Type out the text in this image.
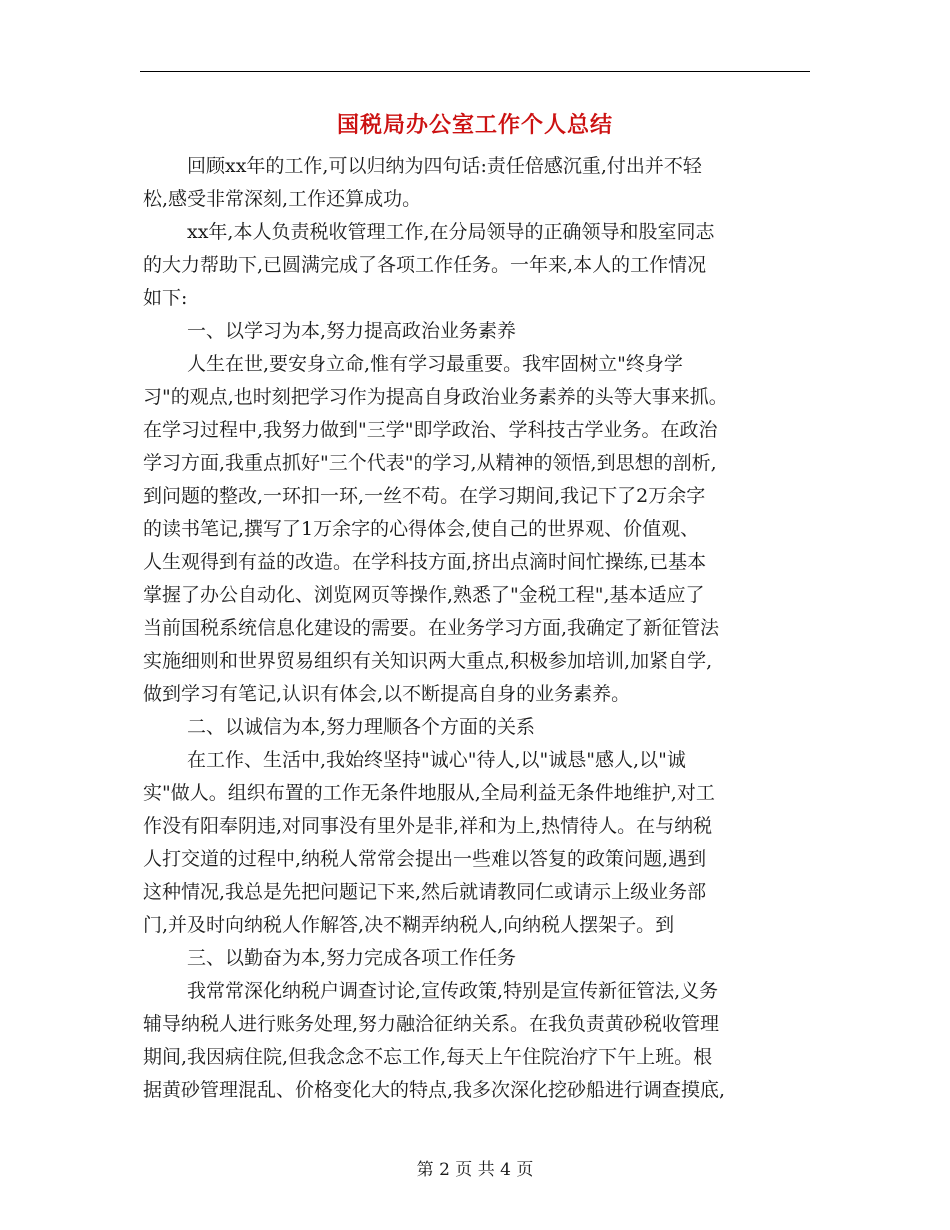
国税局办公室工作个人总结
回顾xx年的工作,可以归纳为四句话:责任倍感沉重,付出并不轻
松,感受非常深刻,工作还算成功。
xx年,本人负责税收管理工作,在分局领导的正确领导和股室同志
的大力帮助下,已圆满完成了各项工作任务。一年来,本人的工作情况
如下:
一、以学习为本,努力提高政治业务素养
人生在世,要安身立命,惟有学习最重要。我牢固树立"终身学
习"的观点,也时刻把学习作为提高自身政治业务素养的头等大事来抓。
在学习过程中,我努力做到"三学"即学政治、学科技古学业务。在政治
学习方面,我重点抓好"三个代表"的学习,从精神的领悟,到思想的剖析,
到问题的整改,一环扣一环,一丝不苟。在学习期间,我记下了2万余字
的读书笔记,撰写了1万余字的心得体会,使自己的世界观、价值观、
人生观得到有益的改造。在学科技方面,挤出点滴时间忙操练,已基本
掌握了办公自动化、浏览网页等操作,熟悉了"金税工程",基本适应了
当前国税系统信息化建设的需要。在业务学习方面,我确定了新征管法
实施细则和世界贸易组织有关知识两大重点,积极参加培训,加紧自学,
做到学习有笔记,认识有体会,以不断提高自身的业务素养。
二、以诚信为本,努力理顺各个方面的关系
在工作、生活中,我始终坚持"诚心"待人,以"诚恳"感人,以"诚
实"做人。组织布置的工作无条件地服从,全局利益无条件地维护,对工
作没有阳奉阴违,对同事没有里外是非,祥和为上,热情待人。在与纳税
人打交道的过程中,纳税人常常会提出一些难以答复的政策问题,遇到
这种情况,我总是先把问题记下来,然后就请教同仁或请示上级业务部
门,并及时向纳税人作解答,决不糊弄纳税人,向纳税人摆架子。到
三、以勤奋为本,努力完成各项工作任务
我常常深化纳税户调查讨论,宣传政策,特别是宣传新征管法,义务
辅导纳税人进行账务处理,努力融洽征纳关系。在我负责黄砂税收管理
期间,我因病住院,但我念念不忘工作,每天上午住院治疗下午上班。根
据黄砂管理混乱、价格变化大的特点,我多次深化挖砂船进行调查摸底,
第 2 页 共 4 页
